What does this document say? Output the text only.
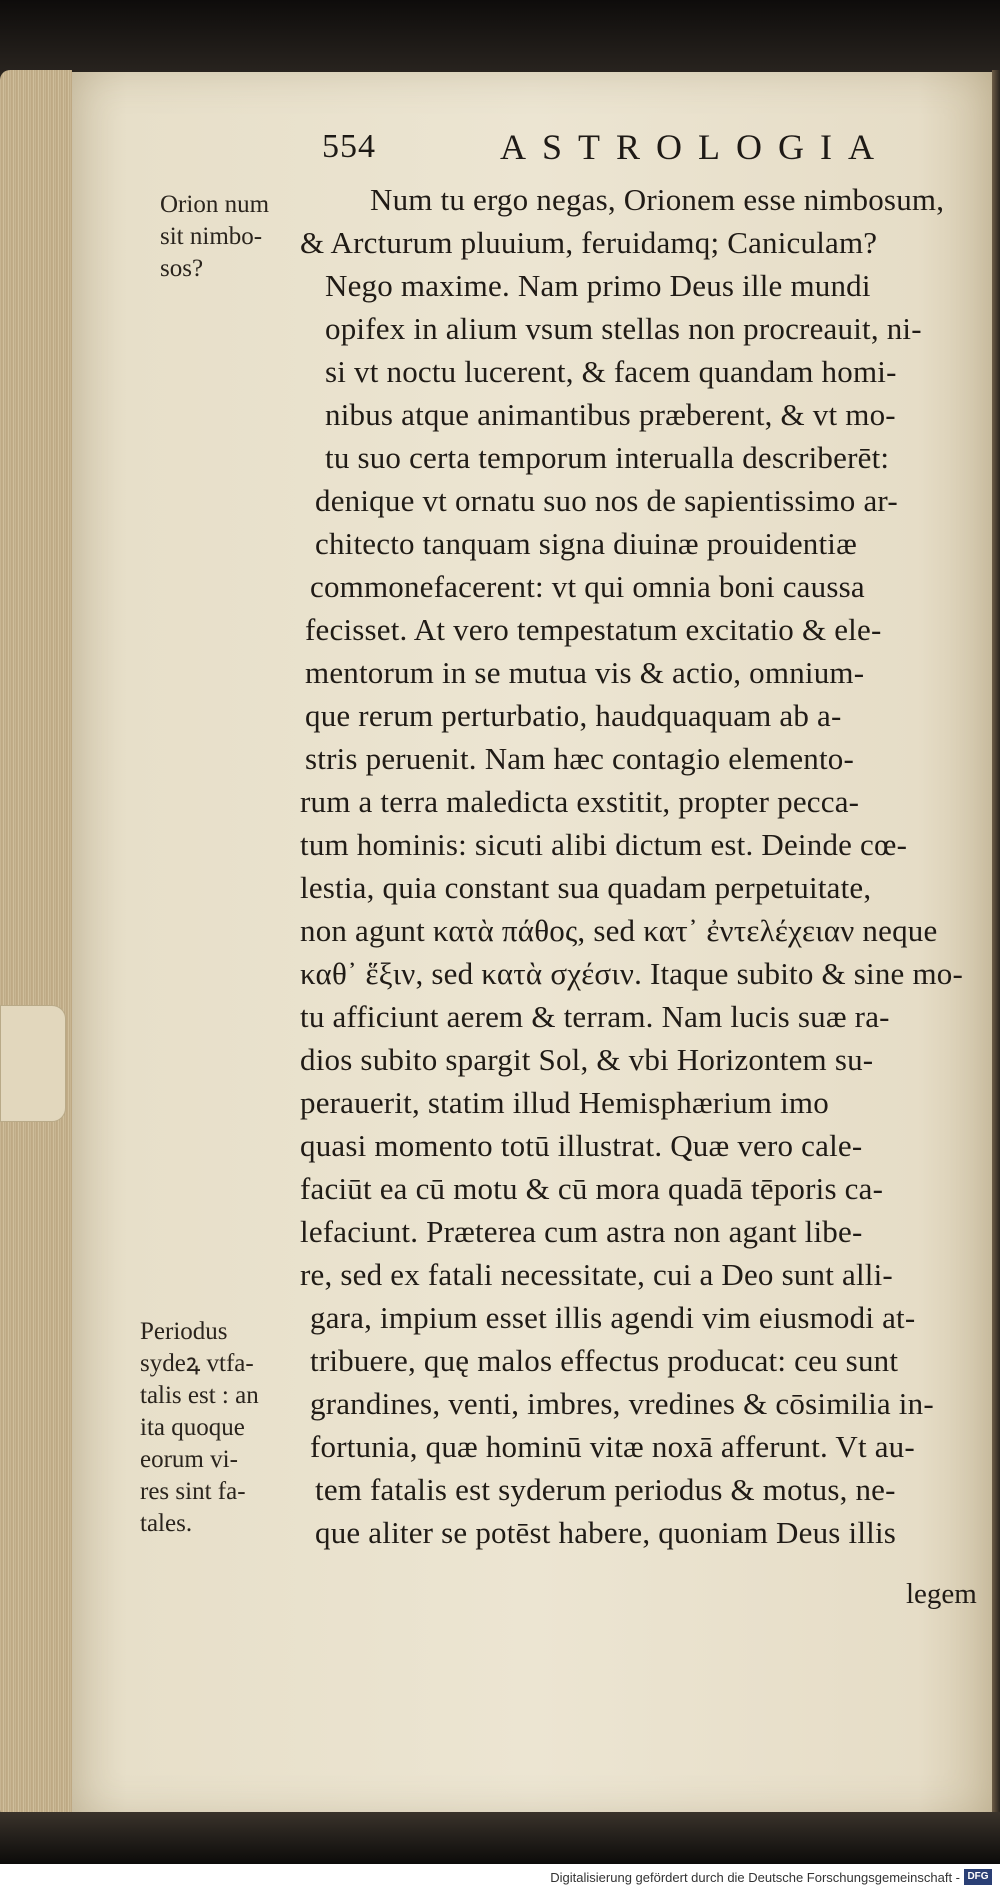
554	ASTROLOGIA
Orion num
sit nimbo-
sos?
Periodus
sydeꝝ vtfa-
talis est : an
ita quoque
eorum vi-
res sint fa-
tales.
Num tu ergo negas, Orionem esse nimbosum,
& Arcturum pluuium, feruidamq; Caniculam?
Nego maxime. Nam primo Deus ille mundi
opifex in alium vsum stellas non procreauit, ni-
si vt noctu lucerent, & facem quandam homi-
nibus atque animantibus præberent, & vt mo-
tu suo certa temporum interualla describerēt:
denique vt ornatu suo nos de sapientissimo ar-
chitecto tanquam signa diuinæ prouidentiæ
commonefacerent: vt qui omnia boni caussa
fecisset. At vero tempestatum excitatio & ele-
mentorum in se mutua vis & actio, omnium-
que rerum perturbatio, haudquaquam ab a-
stris peruenit. Nam hæc contagio elemento-
rum a terra maledicta exstitit, propter pecca-
tum hominis: sicuti alibi dictum est. Deinde cœ-
lestia, quia constant sua quadam perpetuitate,
non agunt κατὰ πάθος, sed κατ᾽ ἐντελέχειαν neque
καθ᾽ ἕξιν, sed κατὰ σχέσιν. Itaque subito & sine mo-
tu afficiunt aerem & terram. Nam lucis suæ ra-
dios subito spargit Sol, & vbi Horizontem su-
perauerit, statim illud Hemisphærium imo
quasi momento totū illustrat. Quæ vero cale-
faciūt ea cū motu & cū mora quadā tēporis ca-
lefaciunt. Præterea cum astra non agant libe-
re, sed ex fatali necessitate, cui a Deo sunt alli-
gara, impium esset illis agendi vim eiusmodi at-
tribuere, quę malos effectus producat: ceu sunt
grandines, venti, imbres, vredines & cōsimilia in-
fortunia, quæ hominū vitæ noxā afferunt. Vt au-
tem fatalis est syderum periodus & motus, ne-
que aliter se potēst habere, quoniam Deus illis
legem
Digitalisierung gefördert durch die Deutsche Forschungsgemeinschaft - DFG
